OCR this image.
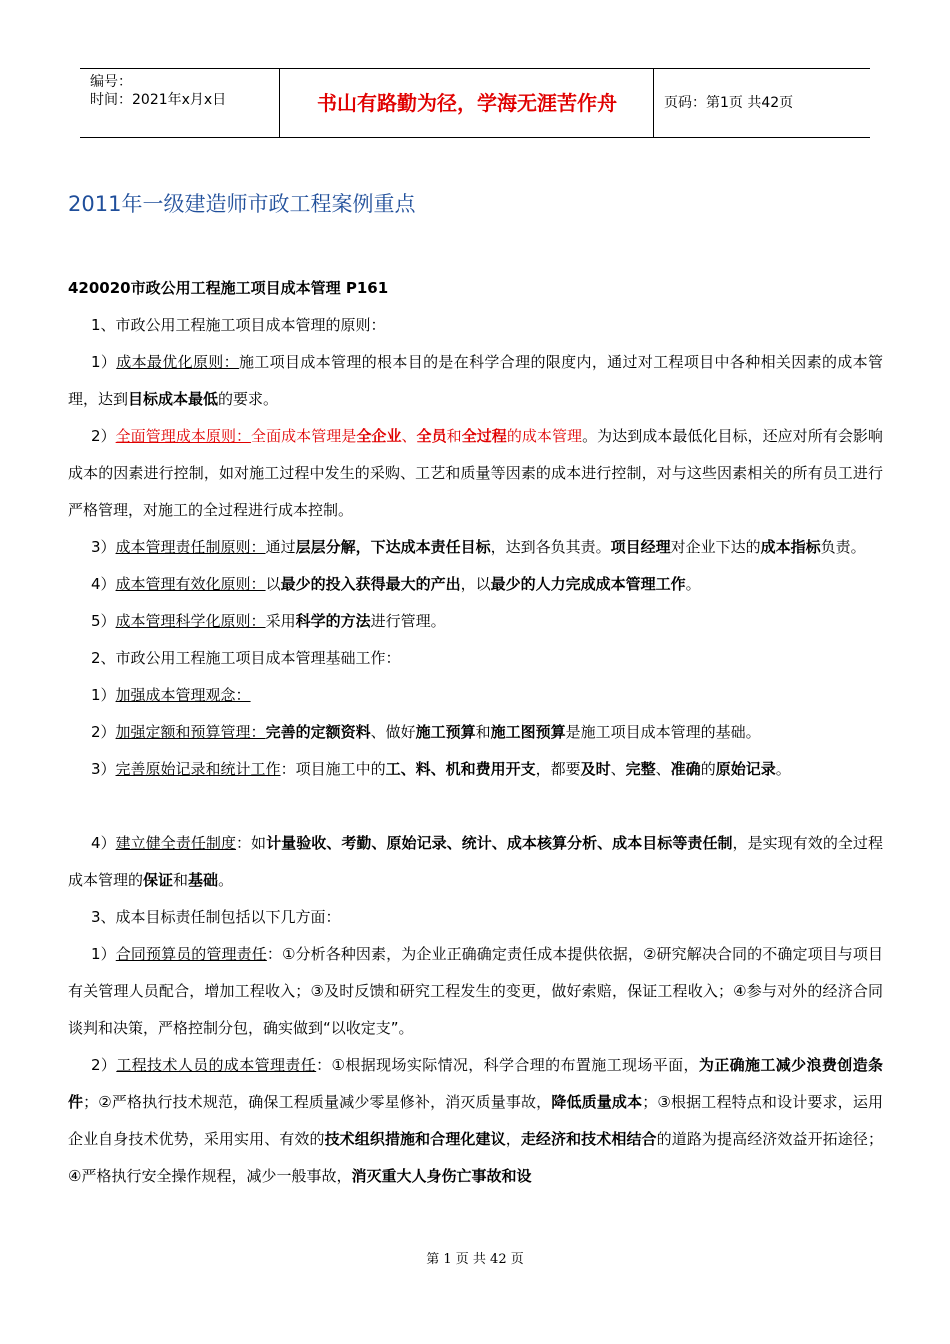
编号：
时间：2021年x月x日	书山有路勤为径，学海无涯苦作舟	页码：第1页 共42页
2011年一级建造师市政工程案例重点

420020市政公用工程施工项目成本管理 P161

1、市政公用工程施工项目成本管理的原则：

1）成本最优化原则：施工项目成本管理的根本目的是在科学合理的限度内，通过对工程项目中各种相关因素的成本管理，达到目标成本最低的要求。

2）全面管理成本原则：全面成本管理是全企业、全员和全过程的成本管理。为达到成本最低化目标，还应对所有会影响成本的因素进行控制，如对施工过程中发生的采购、工艺和质量等因素的成本进行控制，对与这些因素相关的所有员工进行严格管理，对施工的全过程进行成本控制。

3）成本管理责任制原则：通过层层分解，下达成本责任目标，达到各负其责。项目经理对企业下达的成本指标负责。

4）成本管理有效化原则：以最少的投入获得最大的产出，以最少的人力完成成本管理工作。

5）成本管理科学化原则：采用科学的方法进行管理。

2、市政公用工程施工项目成本管理基础工作：

1）加强成本管理观念：

2）加强定额和预算管理：完善的定额资料、做好施工预算和施工图预算是施工项目成本管理的基础。

3）完善原始记录和统计工作：项目施工中的工、料、机和费用开支，都要及时、完整、准确的原始记录。

4）建立健全责任制度：如计量验收、考勤、原始记录、统计、成本核算分析、成本目标等责任制，是实现有效的全过程成本管理的保证和基础。

3、成本目标责任制包括以下几方面：

1）合同预算员的管理责任：①分析各种因素，为企业正确确定责任成本提供依据，②研究解决合同的不确定项目与项目有关管理人员配合，增加工程收入；③及时反馈和研究工程发生的变更，做好索赔，保证工程收入；④参与对外的经济合同谈判和决策，严格控制分包，确实做到“以收定支”。

2）工程技术人员的成本管理责任：①根据现场实际情况，科学合理的布置施工现场平面，为正确施工减少浪费创造条件；②严格执行技术规范，确保工程质量减少零星修补，消灭质量事故，降低质量成本；③根据工程特点和设计要求，运用企业自身技术优势，采用实用、有效的技术组织措施和合理化建议，走经济和技术相结合的道路为提高经济效益开拓途径；④严格执行安全操作规程，减少一般事故，消灭重大人身伤亡事故和设

第 1 页 共 42 页
